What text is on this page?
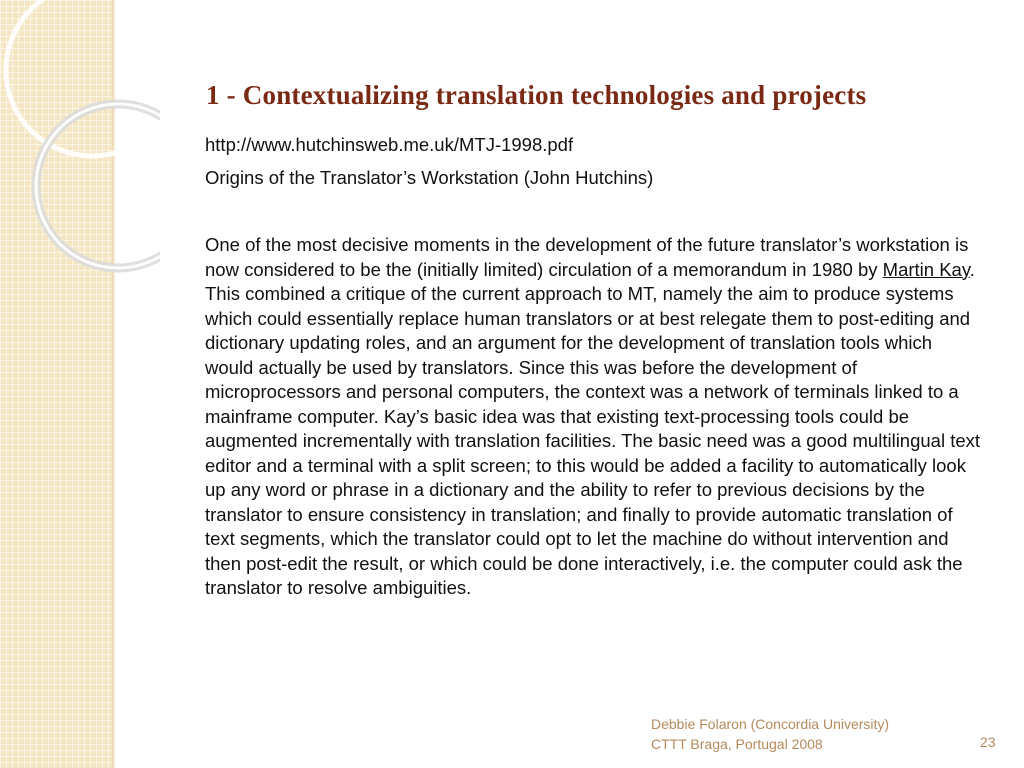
1 - Contextualizing translation technologies and projects

http://www.hutchinsweb.me.uk/MTJ-1998.pdf

Origins of the Translator’s Workstation (John Hutchins)

One of the most decisive moments in the development of the future translator’s workstation is now considered to be the (initially limited) circulation of a memorandum in 1980 by Martin Kay. This combined a critique of the current approach to MT, namely the aim to produce systems which could essentially replace human translators or at best relegate them to post-editing and dictionary updating roles, and an argument for the development of translation tools which would actually be used by translators. Since this was before the development of microprocessors and personal computers, the context was a network of terminals linked to a mainframe computer. Kay’s basic idea was that existing text-processing tools could be augmented incrementally with translation facilities. The basic need was a good multilingual text editor and a terminal with a split screen; to this would be added a facility to automatically look up any word or phrase in a dictionary and the ability to refer to previous decisions by the translator to ensure consistency in translation; and finally to provide automatic translation of text segments, which the translator could opt to let the machine do without intervention and then post-edit the result, or which could be done interactively, i.e. the computer could ask the translator to resolve ambiguities.

Debbie Folaron (Concordia University)
CTTT Braga, Portugal 2008	23
